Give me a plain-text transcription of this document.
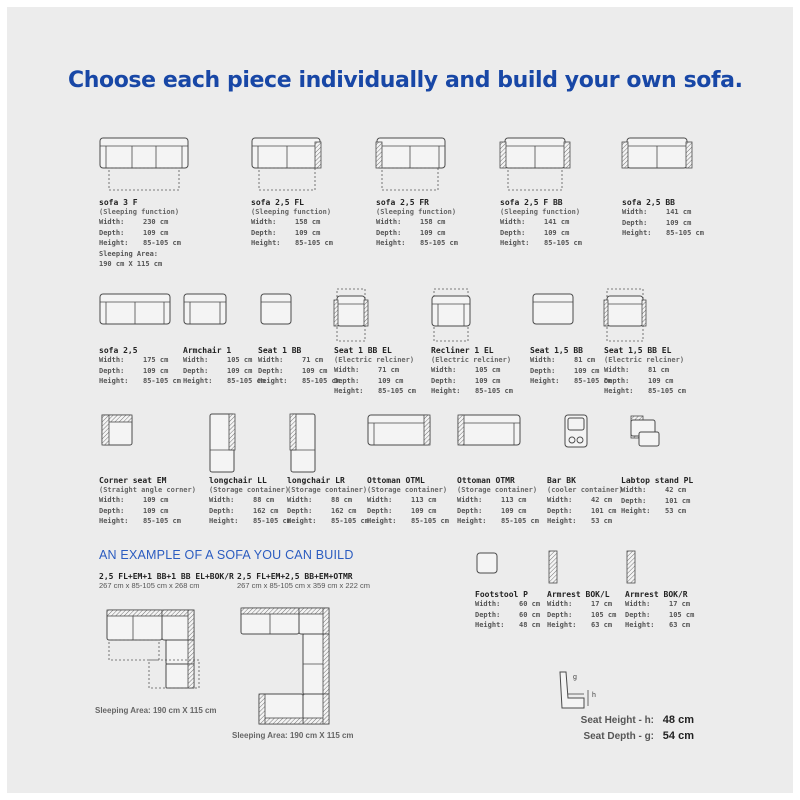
Choose each piece individually and build your own sofa.
sofa 3 F
(Sleeping function)
Width:	230 cm
Depth:	109 cm
Height:	85-105 cm
Sleeping Area:
190 cm X 115 cm
sofa 2,5 FL
(Sleeping function)
Width:	158 cm
Depth:	109 cm
Height:	85-105 cm
sofa 2,5 FR
(Sleeping function)
Width:	158 cm
Depth:	109 cm
Height:	85-105 cm
sofa 2,5 F BB
(Sleeping function)
Width:	141 cm
Depth:	109 cm
Height:	85-105 cm
sofa 2,5 BB
Width:	141 cm
Depth:	109 cm
Height:	85-105 cm
sofa 2,5
Width:	175 cm
Depth:	109 cm
Height:	85-105 cm
Armchair 1
Width:	105 cm
Depth:	109 cm
Height:	85-105 cm
Seat 1 BB
Width:	71 cm
Depth:	109 cm
Height:	85-105 cm
Seat 1 BB EL
(Electric relciner)
Width:	71 cm
Depth:	109 cm
Height:	85-105 cm
Recliner 1 EL
(Electric relciner)
Width:	105 cm
Depth:	109 cm
Height:	85-105 cm
Seat 1,5 BB
Width:	81 cm
Depth:	109 cm
Height:	85-105 cm
Seat 1,5 BB EL
(Electric relciner)
Width:	81 cm
Depth:	109 cm
Height:	85-105 cm
Corner seat EM
(Straight angle corner)
Width:	109 cm
Depth:	109 cm
Height:	85-105 cm
longchair LL
(Storage container)
Width:	88 cm
Depth:	162 cm
Height:	85-105 cm
longchair LR
(Storage container)
Width:	88 cm
Depth:	162 cm
Height:	85-105 cm
Ottoman OTML
(Storage container)
Width:	113 cm
Depth:	109 cm
Height:	85-105 cm
Ottoman OTMR
(Storage container)
Width:	113 cm
Depth:	109 cm
Height:	85-105 cm
Bar BK
(cooler container)
Width:	42 cm
Depth:	101 cm
Height:	53 cm
Labtop stand PL
Width:	42 cm
Depth:	101 cm
Height:	53 cm
AN EXAMPLE OF A SOFA YOU CAN BUILD
2,5 FL+EM+1 BB+1 BB EL+BOK/R
267 cm x 85-105 cm x 268 cm
Sleeping Area: 190 cm X 115 cm
2,5 FL+EM+2,5 BB+EM+OTMR
267 cm x 85-105 cm x 359 cm x 222 cm
Sleeping Area: 190 cm X 115 cm
Footstool P
Width:	60 cm
Depth:	60 cm
Height:	48 cm
Armrest BOK/L
Width:	17 cm
Depth:	105 cm
Height:	63 cm
Armrest BOK/R
Width:	17 cm
Depth:	105 cm
Height:	63 cm
g
h
Seat Height - h: 48 cm
Seat Depth - g: 54 cm
